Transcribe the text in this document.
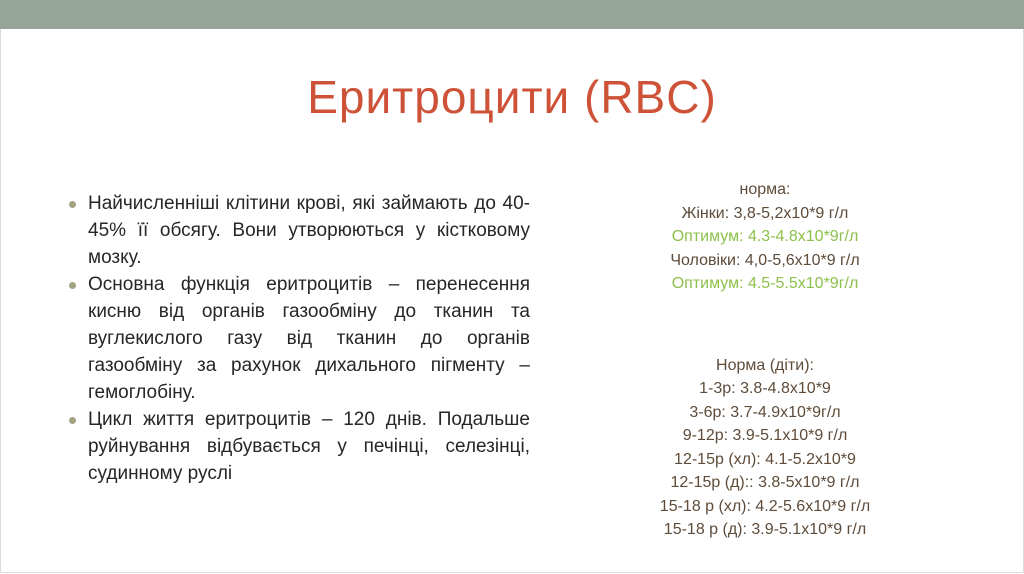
Еритроцити (RBC)
Найчисленніші клітини крові, які займають до 40-45% її обсягу. Вони утворюються у кістковому мозку.
Основна функція еритроцитів – перенесення кисню від органів газообміну до тканин та вуглекислого газу від тканин до органів газообміну за рахунок дихального пігменту – гемоглобіну.
Цикл життя еритроцитів – 120 днів. Подальше руйнування відбувається у печінці, селезінці, судинному руслі
норма:
Жінки: 3,8-5,2x10*9 г/л
Оптимум: 4.3-4.8x10*9г/л
Чоловіки: 4,0-5,6x10*9 г/л
Оптимум: 4.5-5.5x10*9г/л
Норма (діти):
1-3р: 3.8-4.8x10*9
3-6р: 3.7-4.9x10*9г/л
9-12р: 3.9-5.1x10*9 г/л
12-15р (хл): 4.1-5.2x10*9
12-15р (д):: 3.8-5x10*9 г/л
15-18 р (хл): 4.2-5.6x10*9 г/л
15-18 р (д): 3.9-5.1x10*9 г/л
